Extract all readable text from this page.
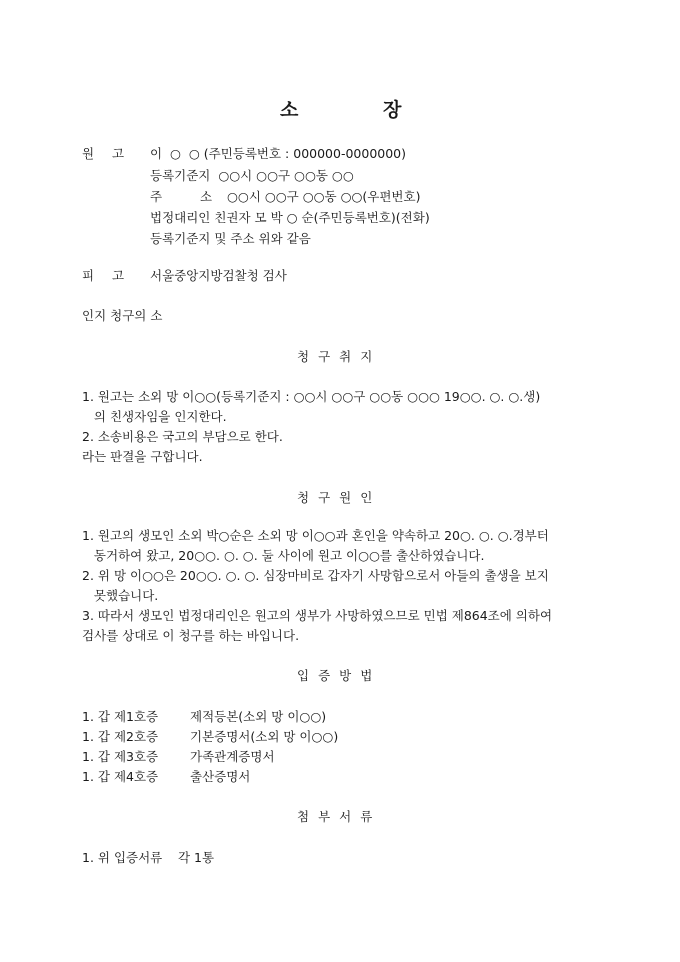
소	장
원 고 이  ○  ○ (주민등록번호 : 000000-0000000)
등록기준지  ○○시 ○○구 ○○동 ○○
주	소 ○○시 ○○구 ○○동 ○○(우편번호)
법정대리인 친권자 모 박 ○ 순(주민등록번호)(전화)
등록기준지 및 주소 위와 같음
피 고 서울중앙지방검찰청 검사
인지 청구의 소
청구취지
1. 원고는 소외 망 이○○(등록기준지 : ○○시 ○○구 ○○동 ○○○ 19○○. ○. ○.생)
의 친생자임을 인지한다.
2. 소송비용은 국고의 부담으로 한다.
라는 판결을 구합니다.
청구원인
1. 원고의 생모인 소외 박○순은 소외 망 이○○과 혼인을 약속하고 20○. ○. ○.경부터
동거하여 왔고, 20○○. ○. ○. 둘 사이에 원고 이○○를 출산하였습니다.
2. 위 망 이○○은 20○○. ○. ○. 심장마비로 갑자기 사망함으로서 아들의 출생을 보지
못했습니다.
3. 따라서 생모인 법정대리인은 원고의 생부가 사망하였으므로 민법 제864조에 의하여
검사를 상대로 이 청구를 하는 바입니다.
입증방법
1. 갑 제1호증	제적등본(소외 망 이○○)
1. 갑 제2호증	기본증명서(소외 망 이○○)
1. 갑 제3호증	가족관계증명서
1. 갑 제4호증	출산증명서
첨부서류
1. 위 입증서류 각 1통
